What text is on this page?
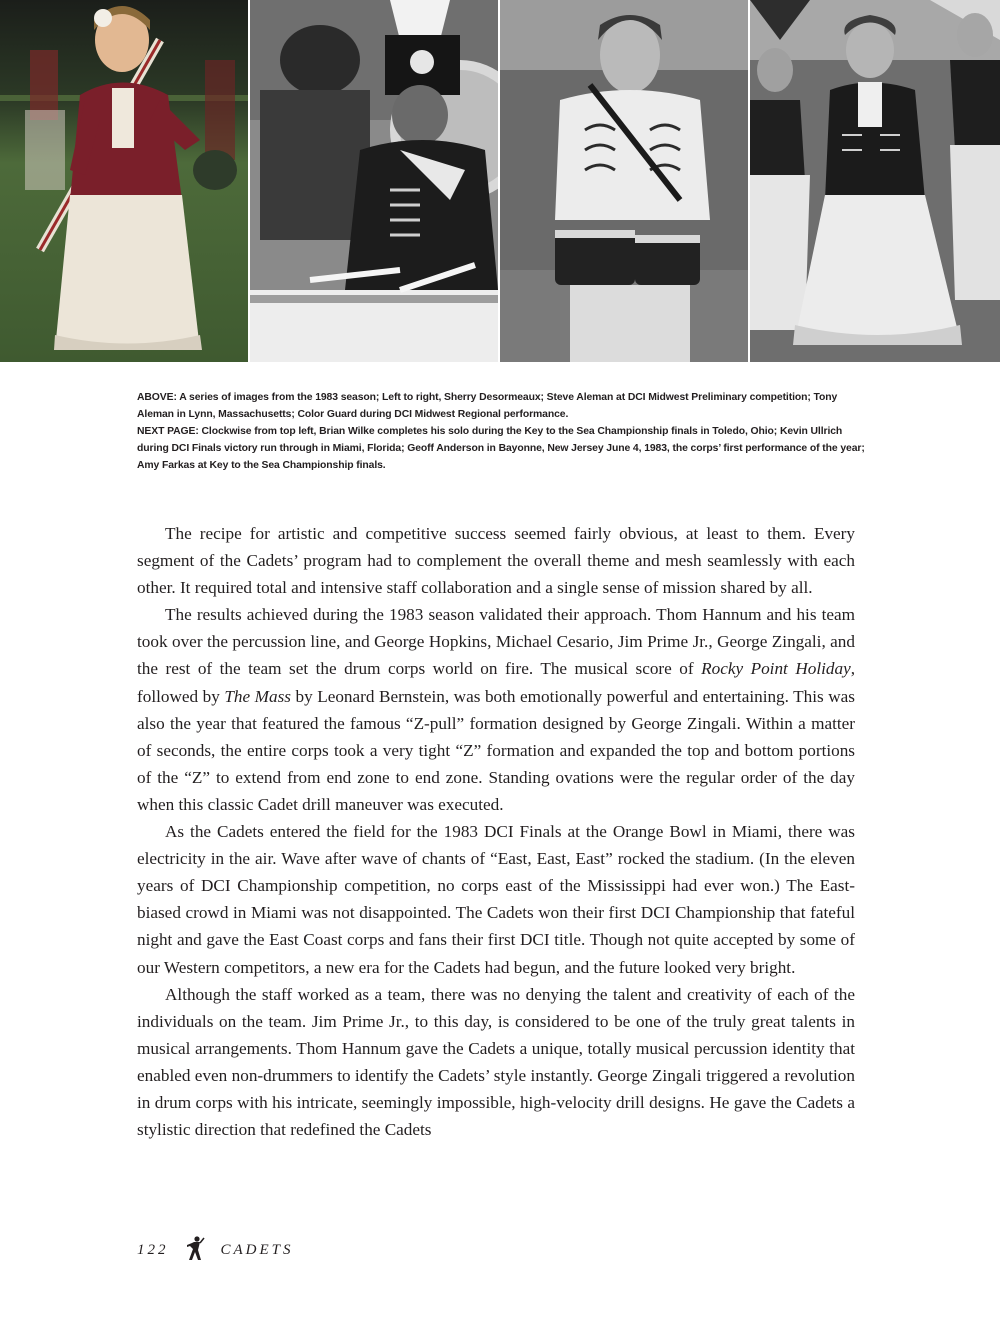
ABOVE: A series of images from the 1983 season; Left to right, Sherry Desormeaux; Steve Aleman at DCI Midwest Preliminary competition; Tony Aleman in Lynn, Massachusetts; Color Guard during DCI Midwest Regional performance.

NEXT PAGE: Clockwise from top left, Brian Wilke completes his solo during the Key to the Sea Championship finals in Toledo, Ohio; Kevin Ullrich during DCI Finals victory run through in Miami, Florida; Geoff Anderson in Bayonne, New Jersey June 4, 1983, the corps’ first performance of the year; Amy Farkas at Key to the Sea Championship finals.

The recipe for artistic and competitive success seemed fairly obvious, at least to them. Every segment of the Cadets’ program had to complement the overall theme and mesh seamlessly with each other. It required total and intensive staff collaboration and a single sense of mission shared by all.

The results achieved during the 1983 season validated their approach. Thom Hannum and his team took over the percussion line, and George Hopkins, Michael Cesario, Jim Prime Jr., George Zingali, and the rest of the team set the drum corps world on fire. The musical score of Rocky Point Holiday, followed by The Mass by Leonard Bernstein, was both emotionally powerful and entertaining. This was also the year that featured the famous “Z-pull” formation designed by George Zingali. Within a matter of seconds, the entire corps took a very tight “Z” formation and expanded the top and bottom portions of the “Z” to extend from end zone to end zone. Standing ovations were the regular order of the day when this classic Cadet drill maneuver was executed.

As the Cadets entered the field for the 1983 DCI Finals at the Orange Bowl in Miami, there was electricity in the air. Wave after wave of chants of “East, East, East” rocked the stadium. (In the eleven years of DCI Championship competition, no corps east of the Mississippi had ever won.) The East-biased crowd in Miami was not disappointed. The Cadets won their first DCI Championship that fateful night and gave the East Coast corps and fans their first DCI title. Though not quite accepted by some of our Western competitors, a new era for the Cadets had begun, and the future looked very bright.

Although the staff worked as a team, there was no denying the talent and creativity of each of the individuals on the team. Jim Prime Jr., to this day, is considered to be one of the truly great talents in musical arrangements. Thom Hannum gave the Cadets a unique, totally musical percussion identity that enabled even non-drummers to identify the Cadets’ style instantly. George Zingali triggered a revolution in drum corps with his intricate, seemingly impossible, high-velocity drill designs. He gave the Cadets a stylistic direction that redefined the Cadets

122	CADETS
